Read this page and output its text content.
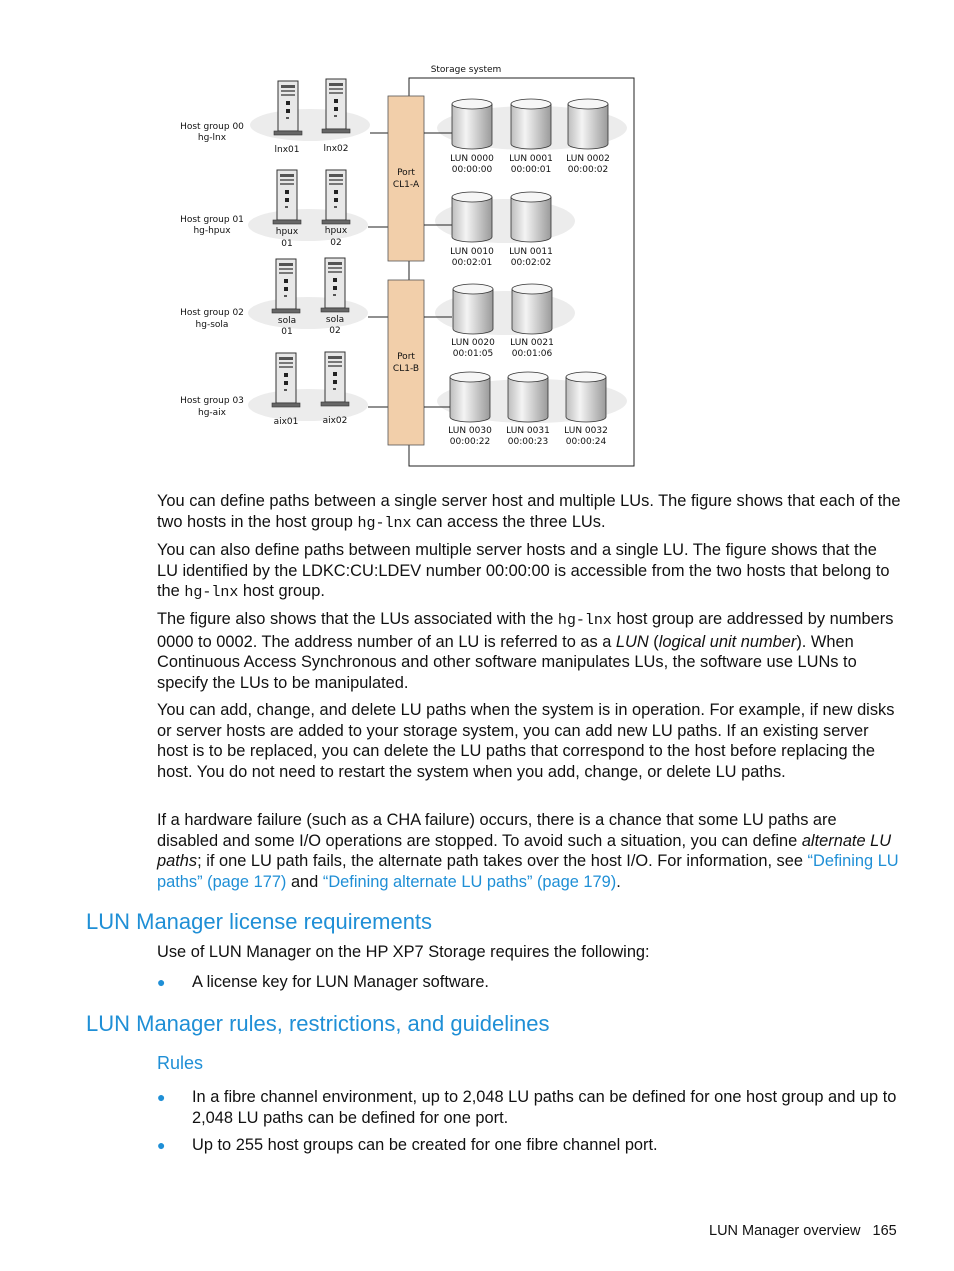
Storage system
Host group 00
hg-lnx
lnx01	lnx02
Host group 01
hg-hpux	hpux
01
hpux
02
Host group 02
hg-sola	sola
01
sola
02
Host group 03
hg-aix
aix01	aix02
Port
CL1-A
Port
CL1-B
LUN 0000
00:00:00
LUN 0001
00:00:01
LUN 0002
00:00:02
LUN 0010
00:02:01
LUN 0011
00:02:02
LUN 0020
00:01:05
LUN 0021
00:01:06
LUN 0030
00:00:22
LUN 0031
00:00:23
LUN 0032
00:00:24

You can define paths between a single server host and multiple LUs. The figure shows that each of the two hosts in the host group hg-lnx can access the three LUs.

You can also define paths between multiple server hosts and a single LU. The figure shows that the LU identified by the LDKC:CU:LDEV number 00:00:00 is accessible from the two hosts that belong to the hg-lnx host group.

The figure also shows that the LUs associated with the hg-lnx host group are addressed by numbers 0000 to 0002. The address number of an LU is referred to as a LUN (logical unit number). When Continuous Access Synchronous and other software manipulates LUs, the software use LUNs to specify the LUs to be manipulated.

You can add, change, and delete LU paths when the system is in operation. For example, if new disks or server hosts are added to your storage system, you can add new LU paths. If an existing server host is to be replaced, you can delete the LU paths that correspond to the host before replacing the host. You do not need to restart the system when you add, change, or delete LU paths.

If a hardware failure (such as a CHA failure) occurs, there is a chance that some LU paths are disabled and some I/O operations are stopped. To avoid such a situation, you can define alternate LU paths; if one LU path fails, the alternate path takes over the host I/O. For information, see “Defining LU paths” (page 177) and “Defining alternate LU paths” (page 179).

LUN Manager license requirements

Use of LUN Manager on the HP XP7 Storage requires the following:

● A license key for LUN Manager software.
LUN Manager rules, restrictions, and guidelines
Rules
● In a fibre channel environment, up to 2,048 LU paths can be defined for one host group and up to 2,048 LU paths can be defined for one port.
● Up to 255 host groups can be created for one fibre channel port.
LUN Manager overview 165
